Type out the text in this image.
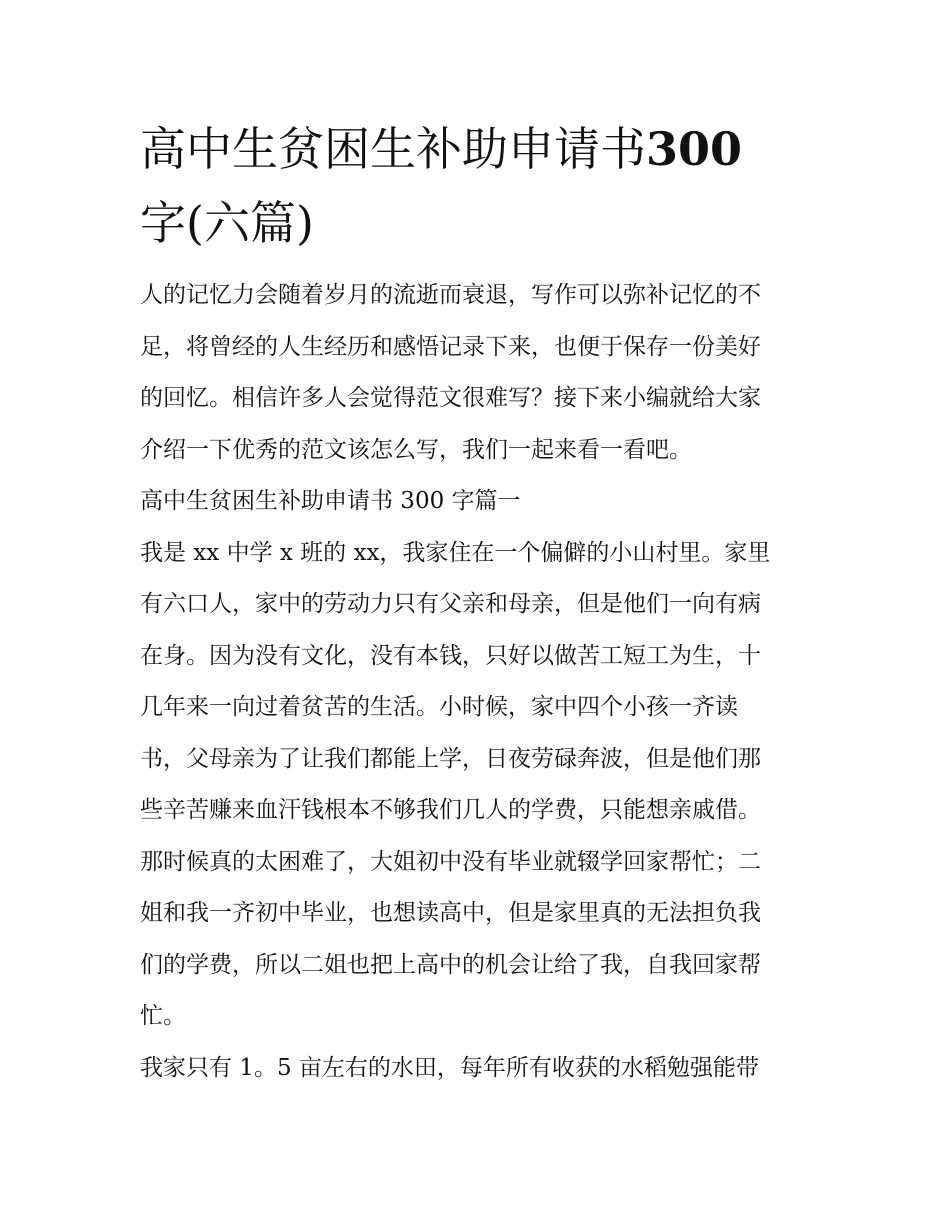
高中生贫困生补助申请书300
字(六篇)
人的记忆力会随着岁月的流逝而衰退，写作可以弥补记忆的不
足，将曾经的人生经历和感悟记录下来，也便于保存一份美好
的回忆。相信许多人会觉得范文很难写？接下来小编就给大家
介绍一下优秀的范文该怎么写，我们一起来看一看吧。
高中生贫困生补助申请书 300 字篇一
我是 xx 中学 x 班的 xx，我家住在一个偏僻的小山村里。家里
有六口人，家中的劳动力只有父亲和母亲，但是他们一向有病
在身。因为没有文化，没有本钱，只好以做苦工短工为生，十
几年来一向过着贫苦的生活。小时候，家中四个小孩一齐读
书，父母亲为了让我们都能上学，日夜劳碌奔波，但是他们那
些辛苦赚来血汗钱根本不够我们几人的学费，只能想亲戚借。
那时候真的太困难了，大姐初中没有毕业就辍学回家帮忙；二
姐和我一齐初中毕业，也想读高中，但是家里真的无法担负我
们的学费，所以二姐也把上高中的机会让给了我，自我回家帮
忙。
我家只有 1。5 亩左右的水田，每年所有收获的水稻勉强能带
